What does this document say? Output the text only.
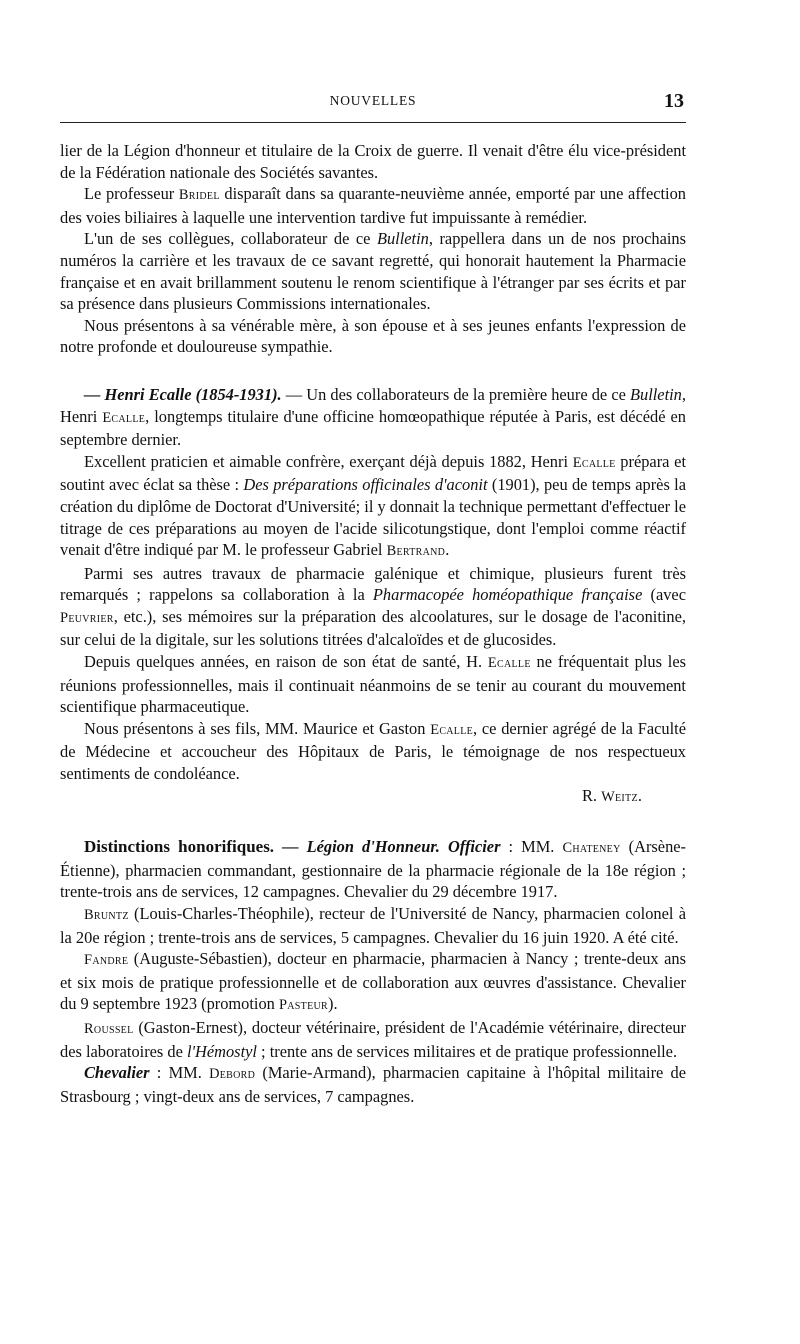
NOUVELLES	13

lier de la Légion d'honneur et titulaire de la Croix de guerre. Il venait d'être élu vice-président de la Fédération nationale des Sociétés savantes.

Le professeur Bridel disparaît dans sa quarante-neuvième année, emporté par une affection des voies biliaires à laquelle une intervention tardive fut impuissante à remédier.

L'un de ses collègues, collaborateur de ce Bulletin, rappellera dans un de nos prochains numéros la carrière et les travaux de ce savant regretté, qui honorait hautement la Pharmacie française et en avait brillamment soutenu le renom scientifique à l'étranger par ses écrits et par sa présence dans plusieurs Commissions internationales.

Nous présentons à sa vénérable mère, à son épouse et à ses jeunes enfants l'expression de notre profonde et douloureuse sympathie.

— Henri Ecalle (1854-1931). — Un des collaborateurs de la première heure de ce Bulletin, Henri Ecalle, longtemps titulaire d'une officine homœopathique réputée à Paris, est décédé en septembre dernier.

Excellent praticien et aimable confrère, exerçant déjà depuis 1882, Henri Ecalle prépara et soutint avec éclat sa thèse : Des préparations officinales d'aconit (1901), peu de temps après la création du diplôme de Doctorat d'Université; il y donnait la technique permettant d'effectuer le titrage de ces préparations au moyen de l'acide silicotungstique, dont l'emploi comme réactif venait d'être indiqué par M. le professeur Gabriel Bertrand.

Parmi ses autres travaux de pharmacie galénique et chimique, plusieurs furent très remarqués ; rappelons sa collaboration à la Pharmacopée homéopathique française (avec Peuvrier, etc.), ses mémoires sur la préparation des alcoolatures, sur le dosage de l'aconitine, sur celui de la digitale, sur les solutions titrées d'alcaloïdes et de glucosides.

Depuis quelques années, en raison de son état de santé, H. Ecalle ne fréquentait plus les réunions professionnelles, mais il continuait néanmoins de se tenir au courant du mouvement scientifique pharmaceutique.

Nous présentons à ses fils, MM. Maurice et Gaston Ecalle, ce dernier agrégé de la Faculté de Médecine et accoucheur des Hôpitaux de Paris, le témoignage de nos respectueux sentiments de condoléance.

R. Weitz.

Distinctions honorifiques. — Légion d'Honneur. Officier : MM. Chateney (Arsène-Étienne), pharmacien commandant, gestionnaire de la pharmacie régionale de la 18e région ; trente-trois ans de services, 12 campagnes. Chevalier du 29 décembre 1917.

Bruntz (Louis-Charles-Théophile), recteur de l'Université de Nancy, pharmacien colonel à la 20e région ; trente-trois ans de services, 5 campagnes. Chevalier du 16 juin 1920. A été cité.

Fandre (Auguste-Sébastien), docteur en pharmacie, pharmacien à Nancy ; trente-deux ans et six mois de pratique professionnelle et de collaboration aux œuvres d'assistance. Chevalier du 9 septembre 1923 (promotion Pasteur).

Roussel (Gaston-Ernest), docteur vétérinaire, président de l'Académie vétérinaire, directeur des laboratoires de l'Hémostyl ; trente ans de services militaires et de pratique professionnelle.

Chevalier : MM. Debord (Marie-Armand), pharmacien capitaine à l'hôpital militaire de Strasbourg ; vingt-deux ans de services, 7 campagnes.
